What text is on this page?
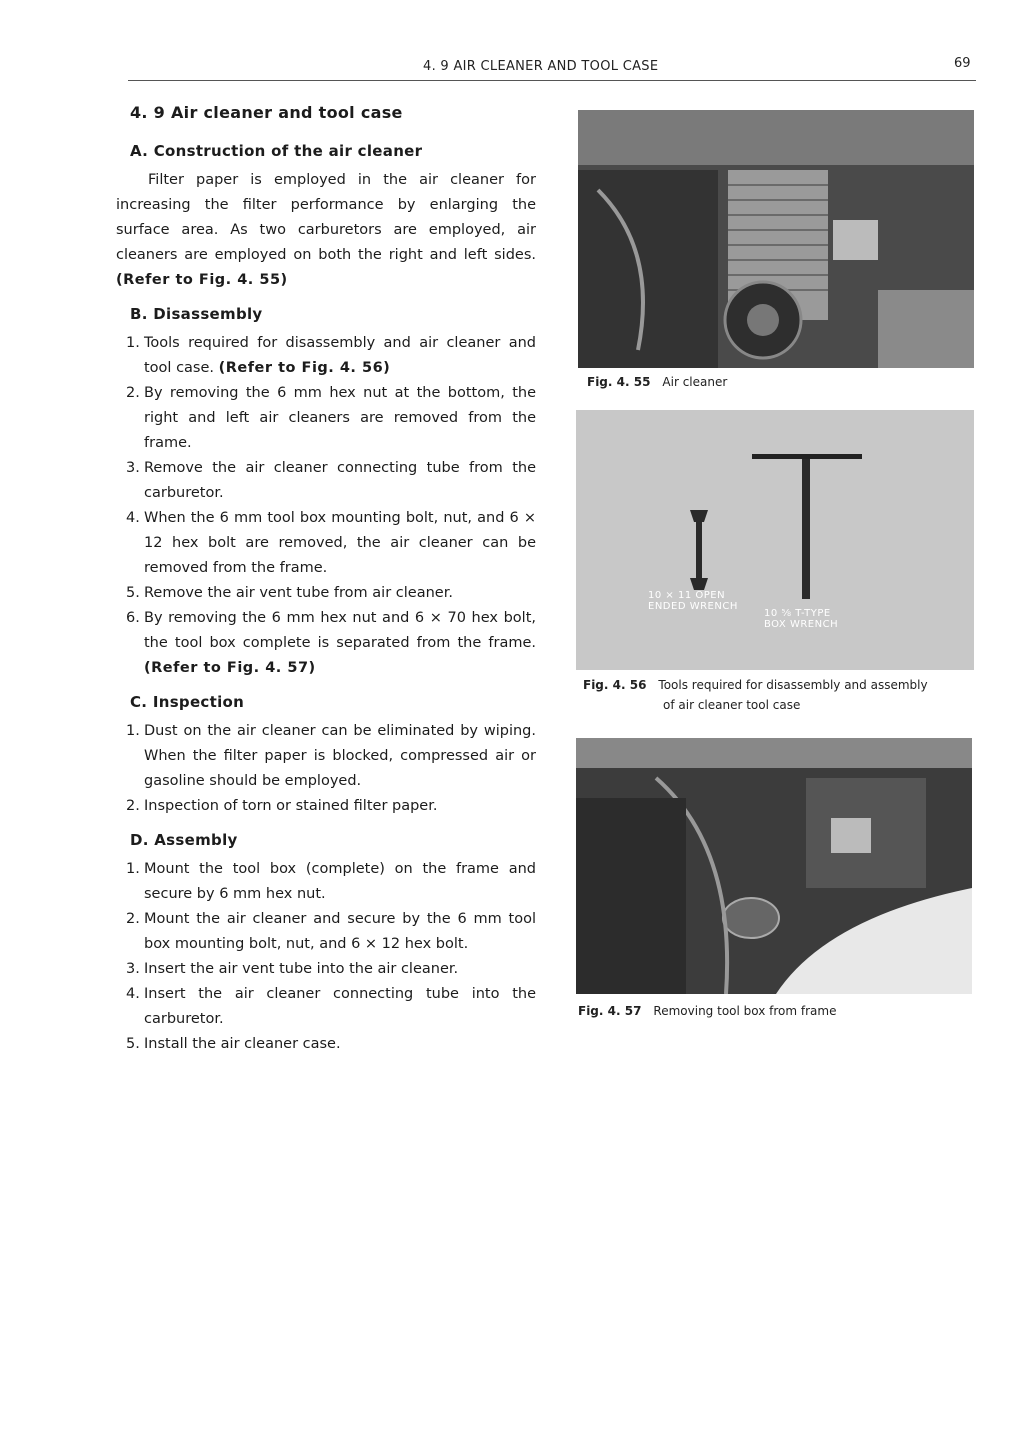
4. 9 AIR CLEANER AND TOOL CASE	69
4. 9 Air cleaner and tool case
A. Construction of the air cleaner

Filter paper is employed in the air cleaner for increasing the filter performance by enlarging the surface area. As two carburetors are employed, air cleaners are employed on both the right and left sides. (Refer to Fig. 4. 55)

B. Disassembly
1. Tools required for disassembly and air cleaner and tool case. (Refer to Fig. 4. 56)
2. By removing the 6 mm hex nut at the bottom, the right and left air cleaners are removed from the frame.
3. Remove the air cleaner connecting tube from the carburetor.
4. When the 6 mm tool box mounting bolt, nut, and 6 × 12 hex bolt are removed, the air cleaner can be removed from the frame.
5. Remove the air vent tube from air cleaner.
6. By removing the 6 mm hex nut and 6 × 70 hex bolt, the tool box complete is separated from the frame. (Refer to Fig. 4. 57)
C. Inspection
1. Dust on the air cleaner can be eliminated by wiping. When the filter paper is blocked, compressed air or gasoline should be employed.
2. Inspection of torn or stained filter paper.
D. Assembly
1. Mount the tool box (complete) on the frame and secure by 6 mm hex nut.
2. Mount the air cleaner and secure by the 6 mm tool box mounting bolt, nut, and 6 × 12 hex bolt.
3. Insert the air vent tube into the air cleaner.
4. Insert the air cleaner connecting tube into the carburetor.
5. Install the air cleaner case.
Fig. 4. 55 Air cleaner
10 × 11 OPEN
ENDED WRENCH
10 ⅝ T-TYPE
BOX WRENCH
Fig. 4. 56 Tools required for disassembly and assembly
of air cleaner tool case
Fig. 4. 57 Removing tool box from frame
